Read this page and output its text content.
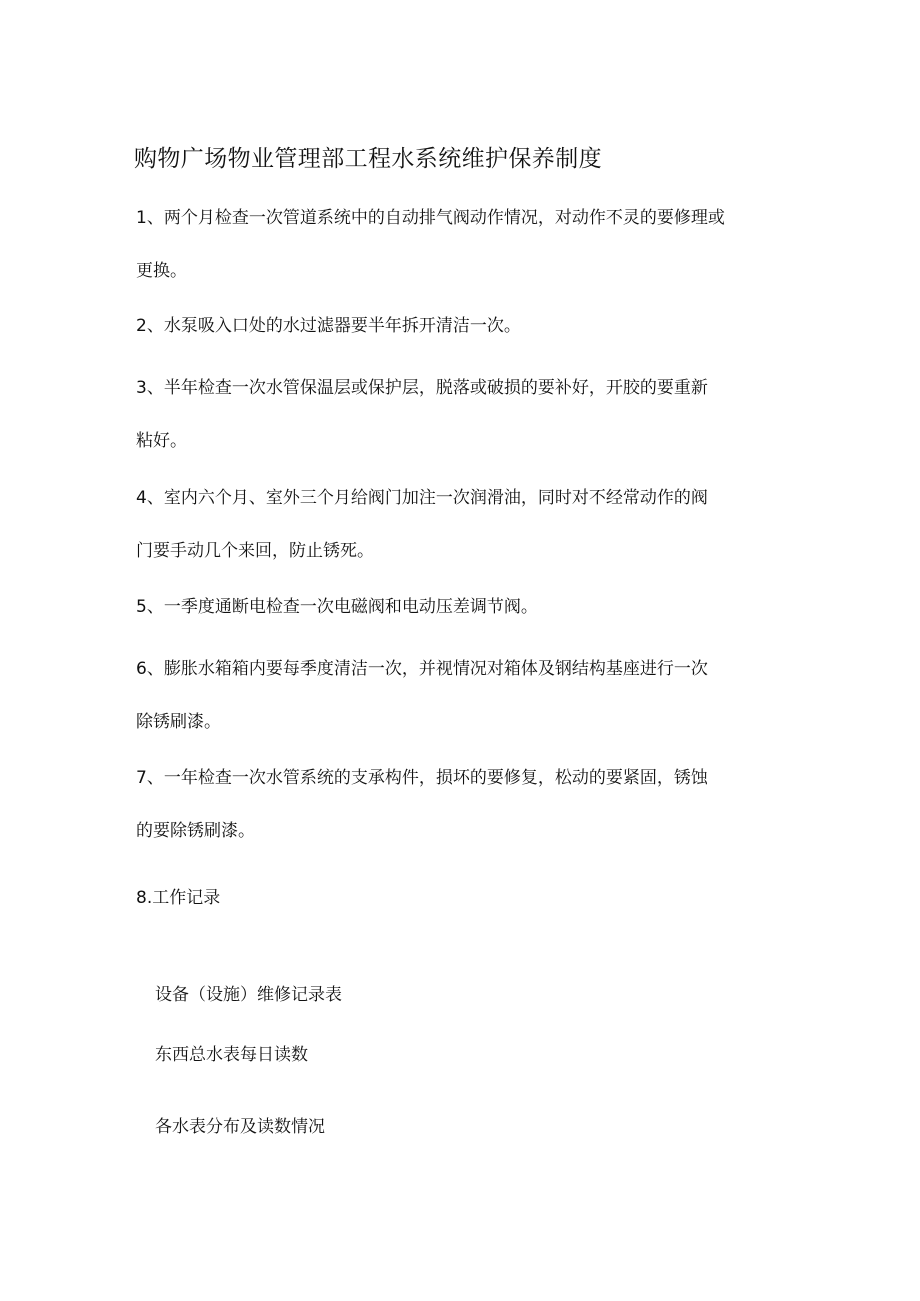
购物广场物业管理部工程水系统维护保养制度
1、两个月检查一次管道系统中的自动排气阀动作情况，对动作不灵的要修理或
更换。
2、水泵吸入口处的水过滤器要半年拆开清洁一次。
3、半年检查一次水管保温层或保护层，脱落或破损的要补好，开胶的要重新
粘好。
4、室内六个月、室外三个月给阀门加注一次润滑油，同时对不经常动作的阀
门要手动几个来回，防止锈死。
5、一季度通断电检查一次电磁阀和电动压差调节阀。
6、膨胀水箱箱内要每季度清洁一次，并视情况对箱体及钢结构基座进行一次
除锈刷漆。
7、一年检查一次水管系统的支承构件，损坏的要修复，松动的要紧固，锈蚀
的要除锈刷漆。
8.工作记录
设备（设施）维修记录表
东西总水表每日读数
各水表分布及读数情况
